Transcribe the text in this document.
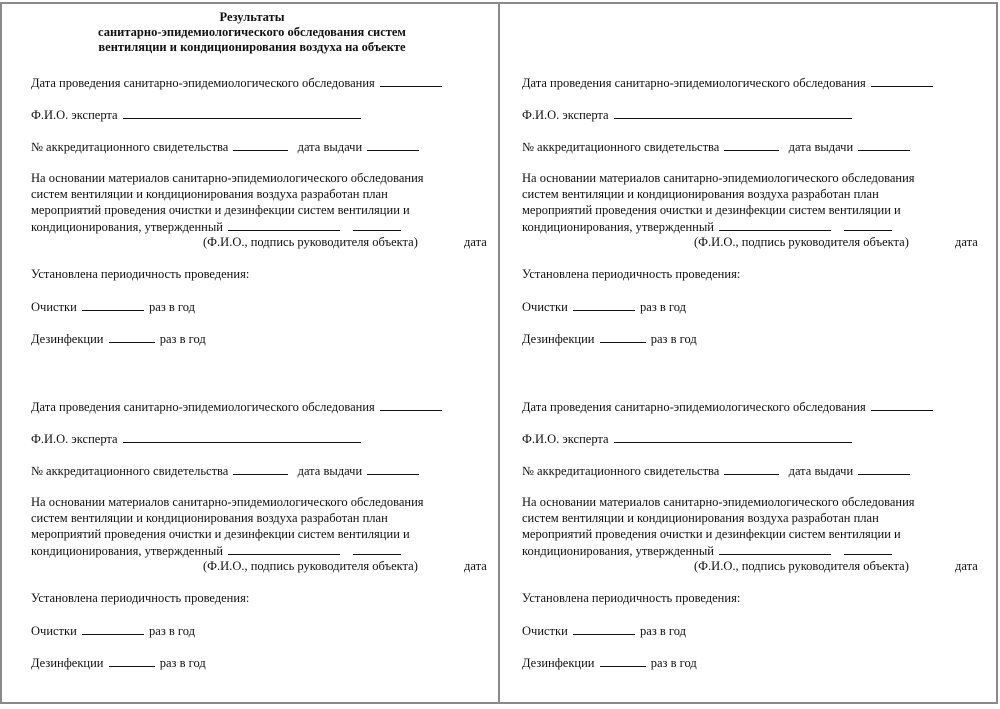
Результаты
санитарно-эпидемиологического обследования систем
вентиляции и кондиционирования воздуха на объекте
Дата проведения санитарно-эпидемиологического обследования
Ф.И.О. эксперта
№ аккредитационного свидетельства	дата выдачи
На основании материалов санитарно-эпидемиологического обследования
систем вентиляции и кондиционирования воздуха разработан план
мероприятий проведения очистки и дезинфекции систем вентиляции и
кондиционирования, утвержденный
(Ф.И.О., подпись руководителя объекта)	дата
Установлена периодичность проведения:
Очистки	раз в год
Дезинфекции	раз в год
Дата проведения санитарно-эпидемиологического обследования
Ф.И.О. эксперта
№ аккредитационного свидетельства	дата выдачи
На основании материалов санитарно-эпидемиологического обследования
систем вентиляции и кондиционирования воздуха разработан план
мероприятий проведения очистки и дезинфекции систем вентиляции и
кондиционирования, утвержденный
(Ф.И.О., подпись руководителя объекта)	дата
Установлена периодичность проведения:
Очистки	раз в год
Дезинфекции	раз в год
Дата проведения санитарно-эпидемиологического обследования
Ф.И.О. эксперта
№ аккредитационного свидетельства	дата выдачи
На основании материалов санитарно-эпидемиологического обследования
систем вентиляции и кондиционирования воздуха разработан план
мероприятий проведения очистки и дезинфекции систем вентиляции и
кондиционирования, утвержденный
(Ф.И.О., подпись руководителя объекта)	дата
Установлена периодичность проведения:
Очистки	раз в год
Дезинфекции	раз в год
Дата проведения санитарно-эпидемиологического обследования
Ф.И.О. эксперта
№ аккредитационного свидетельства	дата выдачи
На основании материалов санитарно-эпидемиологического обследования
систем вентиляции и кондиционирования воздуха разработан план
мероприятий проведения очистки и дезинфекции систем вентиляции и
кондиционирования, утвержденный
(Ф.И.О., подпись руководителя объекта)	дата
Установлена периодичность проведения:
Очистки	раз в год
Дезинфекции	раз в год
